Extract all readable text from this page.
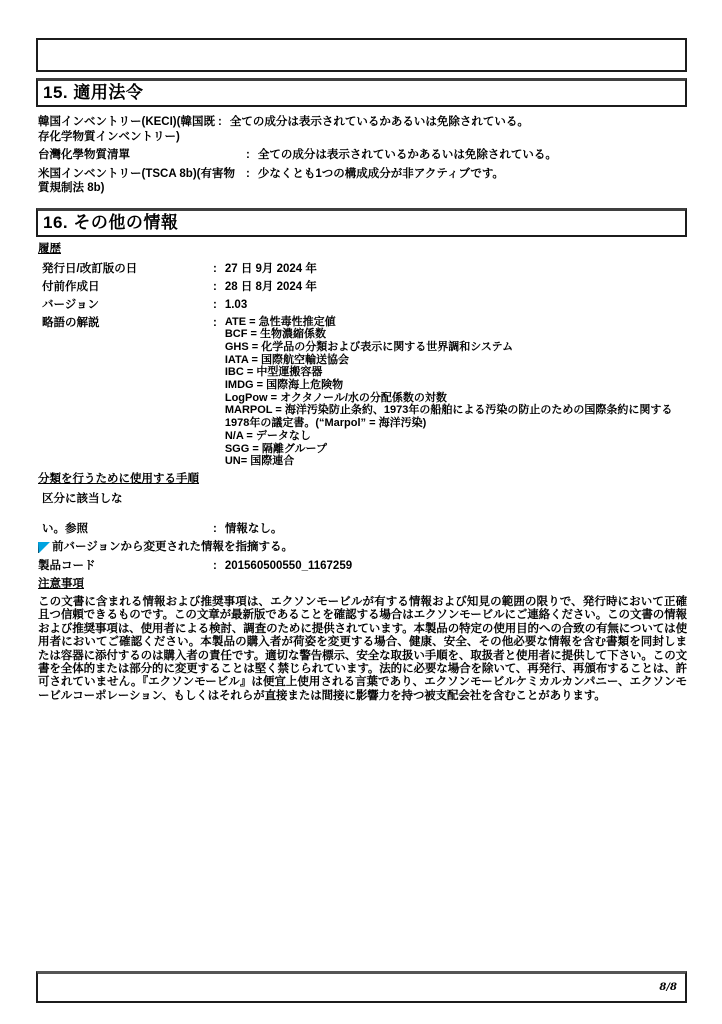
15. 適用法令
韓国インベントリー(KECI)(韓国既存化学物質インベントリー)
: 全ての成分は表示されているかあるいは免除されている。
台灣化學物質清單	: 全ての成分は表示されているかあるいは免除されている。
米国インベントリー(TSCA 8b)(有害物質規制法 8b)
: 少なくとも1つの構成成分が非アクティブです。
16. その他の情報
履歴
発行日/改訂版の日	: 27 日 9月 2024 年
付前作成日	: 28 日 8月 2024 年
バージョン	: 1.03
略語の解説	: ATE = 急性毒性推定値
BCF = 生物濃縮係数
GHS = 化学品の分類および表示に関する世界調和システム
IATA = 国際航空輸送協会
IBC = 中型運搬容器
IMDG = 国際海上危険物
LogPow = オクタノール/水の分配係数の対数
MARPOL = 海洋汚染防止条約、1973年の船舶による汚染の防止のための国際条約に関する 1978年の議定書。(“Marpol” = 海洋汚染)
N/A = データなし
SGG = 隔離グループ
UN= 国際連合
分類を行うために使用する手順
区分に該当しな
い。参照	: 情報なし。
前バージョンから変更された情報を指摘する。
製品コード	: 201560500550_1167259
注意事項
この文書に含まれる情報および推奨事項は、エクソンモービルが有する情報および知見の範囲の限りで、発行時において正確且つ信頼できるものです。この文章が最新版であることを確認する場合はエクソンモービルにご連絡ください。この文書の情報および推奨事項は、使用者による検討、調査のために提供されています。本製品の特定の使用目的への合致の有無については使用者においてご確認ください。本製品の購入者が荷姿を変更する場合、健康、安全、その他必要な情報を含む書類を同封しまたは容器に添付するのは購入者の責任です。適切な警告標示、安全な取扱い手順を、取扱者と使用者に提供して下さい。この文書を全体的または部分的に変更することは堅く禁じられています。法的に必要な場合を除いて、再発行、再頒布することは、許可されていません。『エクソンモービル』は便宜上使用される言葉であり、エクソンモービルケミカルカンパニー、エクソンモービルコーポレーション、もしくはそれらが直接または間接に影響力を持つ被支配会社を含むことがあります。
8/8
